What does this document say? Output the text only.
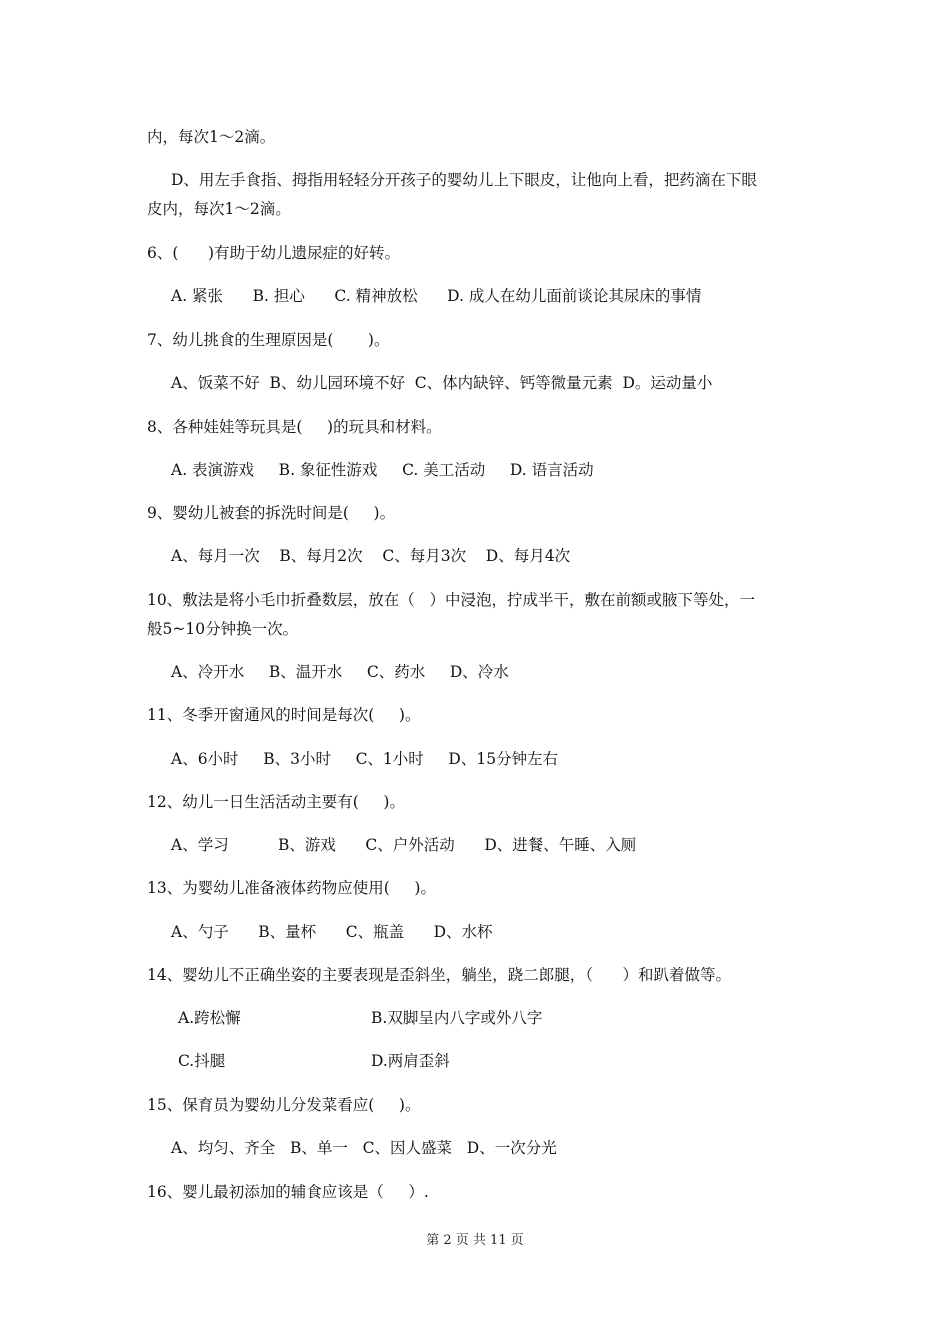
内，每次1～2滴。

D、用左手食指、拇指用轻轻分开孩子的婴幼儿上下眼皮，让他向上看，把药滴在下眼

皮内，每次1～2滴。

6、(      )有助于幼儿遗尿症的好转。

A. 紧张      B. 担心      C. 精神放松      D. 成人在幼儿面前谈论其尿床的事情

7、幼儿挑食的生理原因是(       )。

A、饭菜不好  B、幼儿园环境不好  C、体内缺锌、钙等微量元素  D。运动量小

8、各种娃娃等玩具是(     )的玩具和材料。

A. 表演游戏     B. 象征性游戏     C. 美工活动     D. 语言活动

9、婴幼儿被套的拆洗时间是(     )。

A、每月一次    B、每月2次    C、每月3次    D、每月4次

10、敷法是将小毛巾折叠数层，放在（   ）中浸泡，拧成半干，敷在前额或腋下等处，一

般5~10分钟换一次。

A、冷开水     B、温开水     C、药水     D、冷水

11、冬季开窗通风的时间是每次(     )。

A、6小时     B、3小时     C、1小时     D、15分钟左右

12、幼儿一日生活活动主要有(     )。

A、学习          B、游戏      C、户外活动      D、进餐、午睡、入厕

13、为婴幼儿准备液体药物应使用(     )。

A、勺子      B、量杯      C、瓶盖      D、水杯

14、婴幼儿不正确坐姿的主要表现是歪斜坐，躺坐，跷二郎腿，（      ）和趴着做等。

A.跨松懈	B.双脚呈内八字或外八字

C.抖腿	D.两肩歪斜

15、保育员为婴幼儿分发菜看应(     )。

A、均匀、齐全   B、单一   C、因人盛菜   D、一次分光

16、婴儿最初添加的辅食应该是（     ）.

第 2 页 共 11 页
